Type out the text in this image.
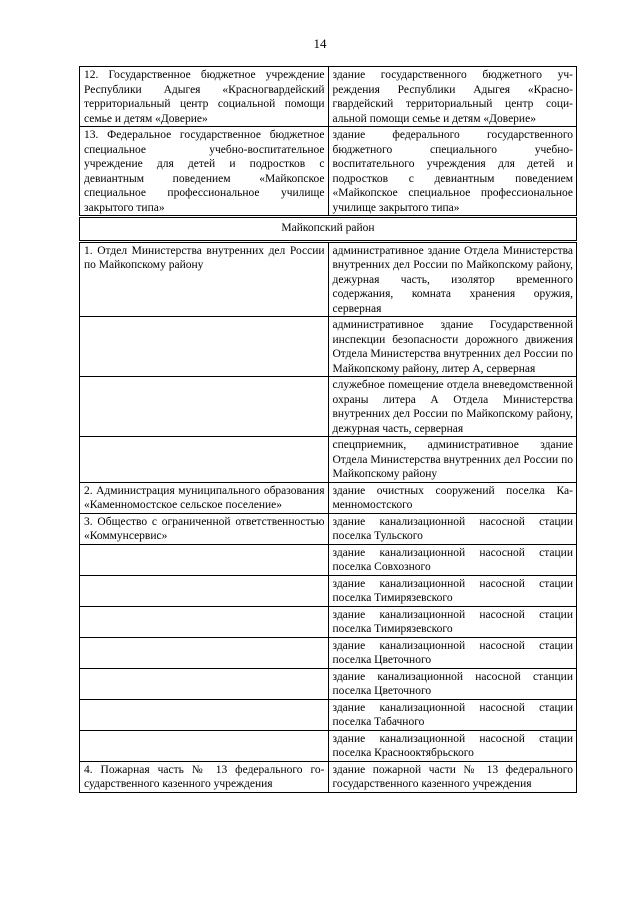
14
12. Государственное бюджетное учреждение Республики Адыгея «Красногвардейский территориальный центр социальной помощи семье и детям «Доверие»	здание государственного бюджетного учреждения Республики Адыгея «Красногвардейский территориальный центр социальной помощи семье и детям «Доверие»
13. Федеральное государственное бюджетное специальное учебно-воспитательное учреждение для детей и подростков с девиантным поведением «Майкопское специальное профессиональное училище закрытого типа»	здание федерального государственного бюджетного специального учебно-воспитательного учреждения для детей и подростков с девиантным поведением «Майкопское специальное профессиональное училище закрытого типа»
Майкопский район	
1. Отдел Министерства внутренних дел России по Майкопскому району	административное здание Отдела Министерства внутренних дел России по Майкопскому району, дежурная часть, изолятор временного содержания, комната хранения оружия, серверная
	административное здание Государственной инспекции безопасности дорожного движения Отдела Министерства внутренних дел России по Майкопскому району, литер А, серверная
	служебное помещение отдела вневедомственной охраны литера А Отдела Министерства внутренних дел России по Майкопскому району, дежурная часть, серверная
	спецприемник, административное здание Отдела Министерства внутренних дел России по Майкопскому району
2. Администрация муниципального образования «Каменномостское сельское поселение»	здание очистных сооружений поселка Каменномостского
3. Общество с ограниченной ответственностью «Коммунсервис»	здание канализационной насосной стации поселка Тульского
	здание канализационной насосной стации поселка Совхозного
	здание канализационной насосной стации поселка Тимирязевского
	здание канализационной насосной стации поселка Тимирязевского
	здание канализационной насосной стации поселка Цветочного
	здание канализационной насосной станции поселка Цветочного
	здание канализационной насосной стации поселка Табачного
	здание канализационной насосной стации поселка Краснооктябрьского
4. Пожарная часть № 13 федерального государственного казенного учреждения	здание пожарной части № 13 федерального государственного казенного учреждения
